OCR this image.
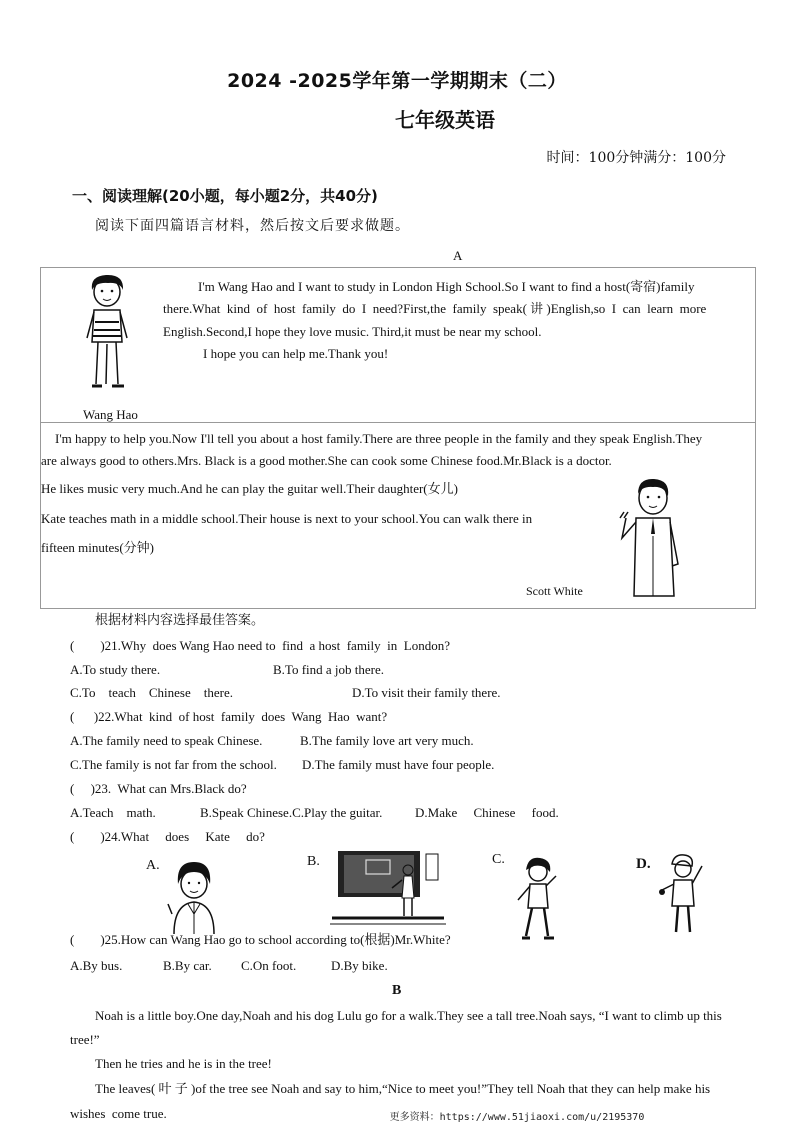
2024 -2025学年第一学期期末（二）
七年级英语
时间：100分钟满分：100分
一、阅读理解(20小题，每小题2分，共40分)
阅读下面四篇语言材料，然后按文后要求做题。
A
I'm Wang Hao and I want to study in London High School.So I want to find a host(寄宿)family
there.What  kind  of  host  family  do  I  need?First,the  family  speak( 讲 )English,so  I  can  learn  more
English.Second,I hope they love music. Third,it must be near my school.
I hope you can help me.Thank you!
Wang Hao
I'm happy to help you.Now I'll tell you about a host family.There are three people in the family and they speak English.They
are always good to others.Mrs. Black is a good mother.She can cook some Chinese food.Mr.Black is a doctor.
He likes music very much.And he can play the guitar well.Their daughter(女儿)
Kate teaches math in a middle school.Their house is next to your school.You can walk there in
fifteen minutes(分钟)
Scott White
根据材料内容选择最佳答案。
(        )21.Why  does Wang Hao need to  find  a host  family  in  London?
A.To study there.	B.To find a job there.
C.To    teach    Chinese    there.	D.To visit their family there.
(      )22.What  kind  of host  family  does  Wang  Hao  want?
A.The family need to speak Chinese.	B.The family love art very much.
C.The family is not far from the school. D.The family must have four people.
(     )23.  What can Mrs.Black do?
A.Teach    math.	B.Speak Chinese.C.Play the guitar.	D.Make     Chinese     food.
(        )24.What     does     Kate     do?
A.	B.	C.	D.
(        )25.How can Wang Hao go to school according to(根据)Mr.White?
A.By bus.	B.By car. C.On foot.	D.By bike.
B
Noah is a little boy.One day,Noah and his dog Lulu go for a walk.They see a tall tree.Noah says, “I want to climb up this
tree!”
Then he tries and he is in the tree!
The leaves( 叶 子 )of the tree see Noah and say to him,“Nice to meet you!”They tell Noah that they can help make his
wishes  come true.	更多资料：https://www.51jiaoxi.com/u/2195370
